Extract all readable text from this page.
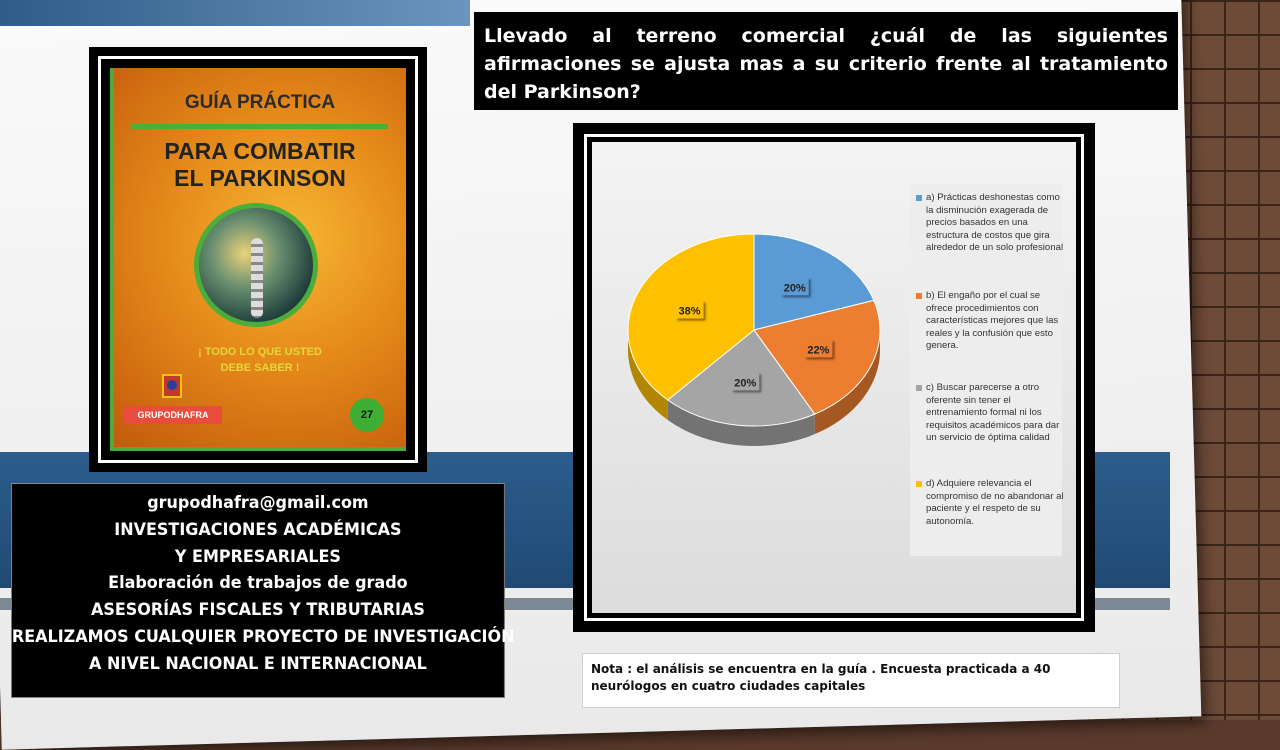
GUÍA PRÁCTICA
PARA COMBATIR
EL PARKINSON
¡ TODO LO QUE USTED
DEBE SABER !
GRUPODHAFRA	27
Llevado al terreno comercial ¿cuál de las siguientes afirmaciones se ajusta mas a su criterio frente al tratamiento del Parkinson?
20%
22%
20%
38%
a) Prácticas deshonestas como la disminución exagerada de precios basados en una estructura de costos que gira alrededor de un solo profesional
b) El engaño por el cual se ofrece procedimientos con características mejores que las reales y la confusión que esto genera.
c) Buscar parecerse a otro oferente sin tener el entrenamiento formal ni los requisitos académicos para dar un servicio de óptima calidad
d) Adquiere relevancia el compromiso de no abandonar al paciente y el respeto de su autonomía.
grupodhafra@gmail.com
INVESTIGACIONES ACADÉMICAS
Y EMPRESARIALES
Elaboración de trabajos de grado
ASESORÍAS FISCALES Y TRIBUTARIAS
REALIZAMOS CUALQUIER PROYECTO DE INVESTIGACIÓN
A NIVEL NACIONAL E INTERNACIONAL	Nota : el análisis se encuentra en la guía . Encuesta practicada a 40 neurólogos en cuatro ciudades capitales
